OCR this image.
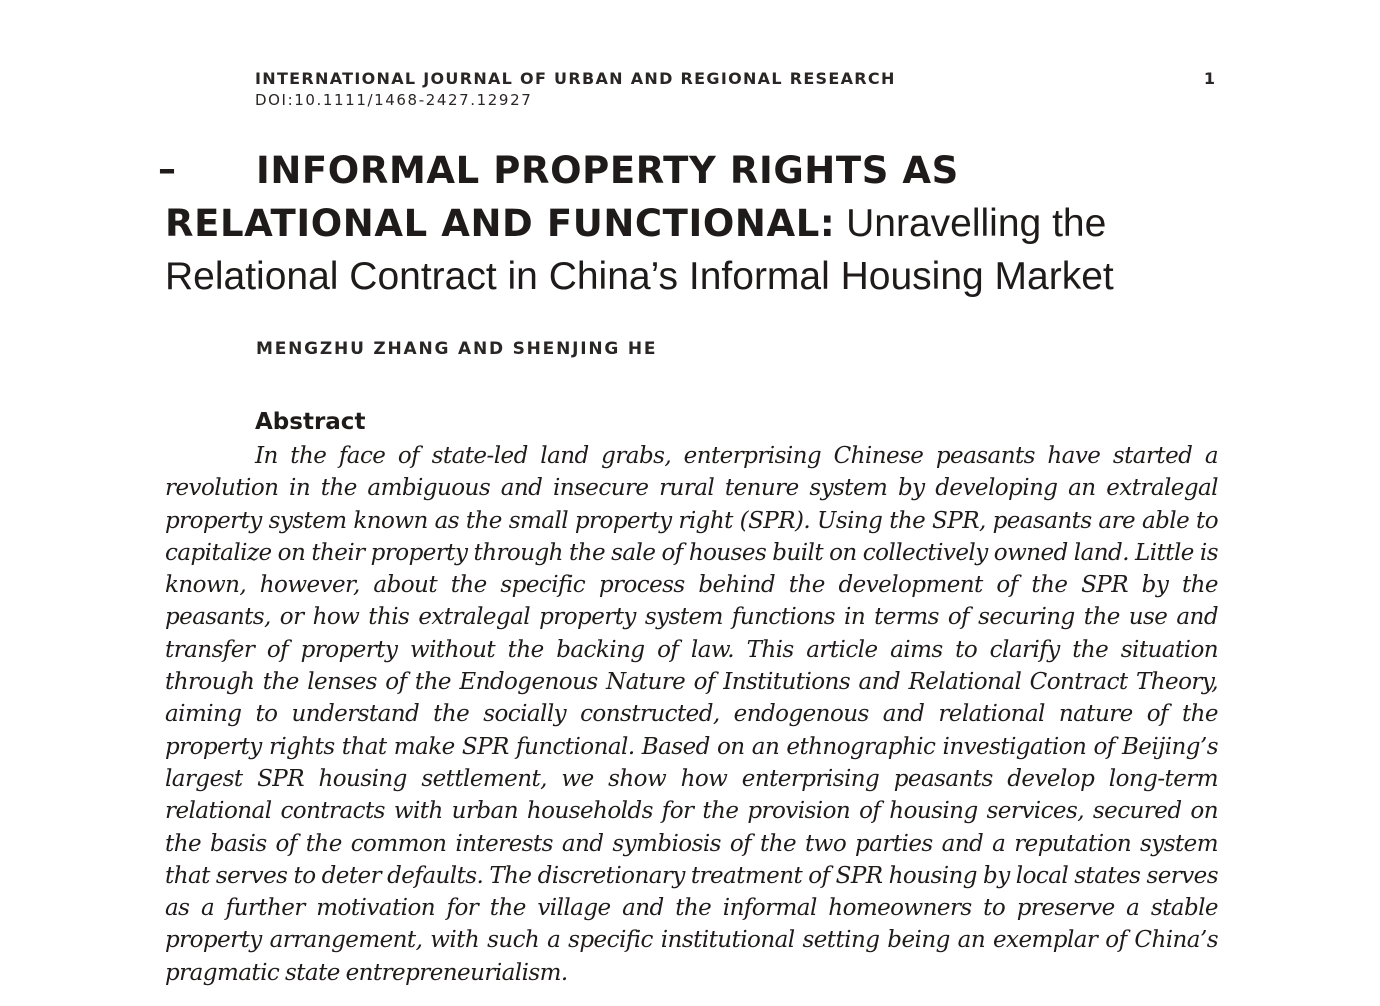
INTERNATIONAL JOURNAL OF URBAN AND REGIONAL RESEARCH
DOI:10.1111/1468-2427.12927
1
–	INFORMAL PROPERTY RIGHTS AS RELATIONAL AND FUNCTIONAL: Unravelling the Relational Contract in China’s Informal Housing Market
MENGZHU ZHANG AND SHENJING HE
Abstract

In the face of state-led land grabs, enterprising Chinese peasants have started a revolution in the ambiguous and insecure rural tenure system by developing an extralegal property system known as the small property right (SPR). Using the SPR, peasants are able to capitalize on their property through the sale of houses built on collectively owned land. Little is known, however, about the specific process behind the development of the SPR by the peasants, or how this extralegal property system functions in terms of securing the use and transfer of property without the backing of law. This article aims to clarify the situation through the lenses of the Endogenous Nature of Institutions and Relational Contract Theory, aiming to understand the socially constructed, endogenous and relational nature of the property rights that make SPR functional. Based on an ethnographic investigation of Beijing’s largest SPR housing settlement, we show how enterprising peasants develop long-term relational contracts with urban households for the provision of housing services, secured on the basis of the common interests and symbiosis of the two parties and a reputation system that serves to deter defaults. The discretionary treatment of SPR housing by local states serves as a further motivation for the village and the informal homeowners to preserve a stable property arrangement, with such a specific institutional setting being an exemplar of China’s pragmatic state entrepreneurialism.
